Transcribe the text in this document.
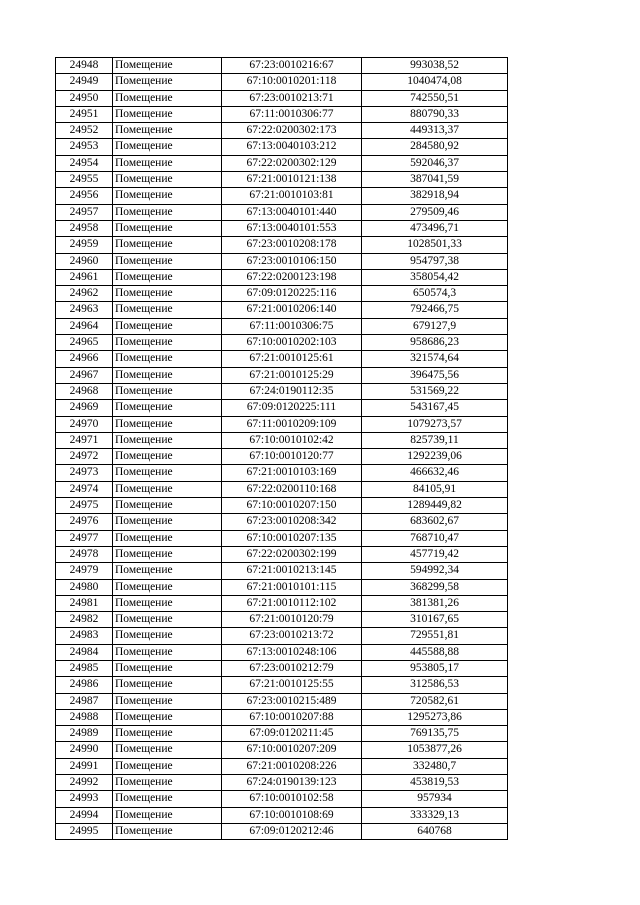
24948	Помещение	67:23:0010216:67	993038,52
24949	Помещение	67:10:0010201:118	1040474,08
24950	Помещение	67:23:0010213:71	742550,51
24951	Помещение	67:11:0010306:77	880790,33
24952	Помещение	67:22:0200302:173	449313,37
24953	Помещение	67:13:0040103:212	284580,92
24954	Помещение	67:22:0200302:129	592046,37
24955	Помещение	67:21:0010121:138	387041,59
24956	Помещение	67:21:0010103:81	382918,94
24957	Помещение	67:13:0040101:440	279509,46
24958	Помещение	67:13:0040101:553	473496,71
24959	Помещение	67:23:0010208:178	1028501,33
24960	Помещение	67:23:0010106:150	954797,38
24961	Помещение	67:22:0200123:198	358054,42
24962	Помещение	67:09:0120225:116	650574,3
24963	Помещение	67:21:0010206:140	792466,75
24964	Помещение	67:11:0010306:75	679127,9
24965	Помещение	67:10:0010202:103	958686,23
24966	Помещение	67:21:0010125:61	321574,64
24967	Помещение	67:21:0010125:29	396475,56
24968	Помещение	67:24:0190112:35	531569,22
24969	Помещение	67:09:0120225:111	543167,45
24970	Помещение	67:11:0010209:109	1079273,57
24971	Помещение	67:10:0010102:42	825739,11
24972	Помещение	67:10:0010120:77	1292239,06
24973	Помещение	67:21:0010103:169	466632,46
24974	Помещение	67:22:0200110:168	84105,91
24975	Помещение	67:10:0010207:150	1289449,82
24976	Помещение	67:23:0010208:342	683602,67
24977	Помещение	67:10:0010207:135	768710,47
24978	Помещение	67:22:0200302:199	457719,42
24979	Помещение	67:21:0010213:145	594992,34
24980	Помещение	67:21:0010101:115	368299,58
24981	Помещение	67:21:0010112:102	381381,26
24982	Помещение	67:21:0010120:79	310167,65
24983	Помещение	67:23:0010213:72	729551,81
24984	Помещение	67:13:0010248:106	445588,88
24985	Помещение	67:23:0010212:79	953805,17
24986	Помещение	67:21:0010125:55	312586,53
24987	Помещение	67:23:0010215:489	720582,61
24988	Помещение	67:10:0010207:88	1295273,86
24989	Помещение	67:09:0120211:45	769135,75
24990	Помещение	67:10:0010207:209	1053877,26
24991	Помещение	67:21:0010208:226	332480,7
24992	Помещение	67:24:0190139:123	453819,53
24993	Помещение	67:10:0010102:58	957934
24994	Помещение	67:10:0010108:69	333329,13
24995	Помещение	67:09:0120212:46	640768
